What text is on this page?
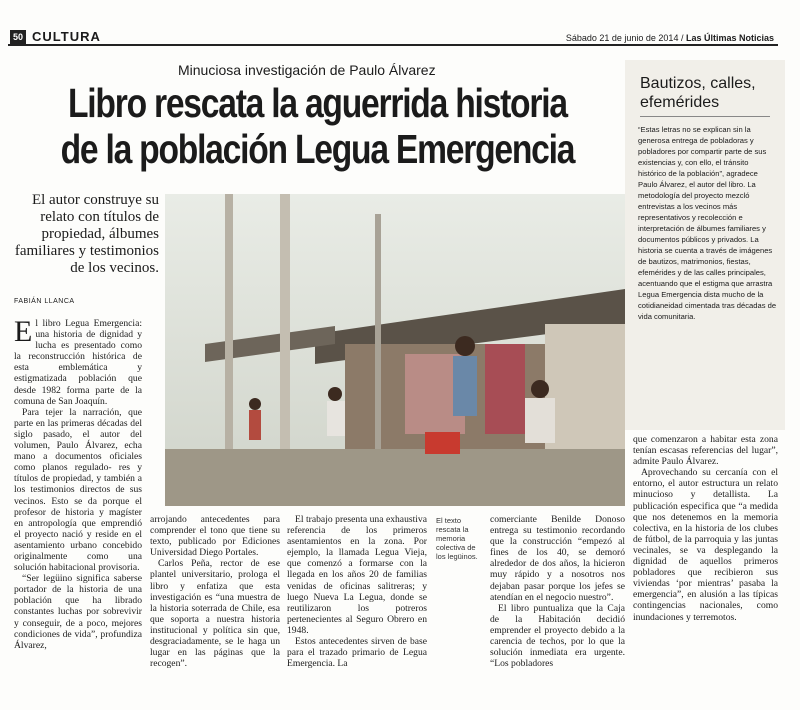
50 CULTURA	Sábado 21 de junio de 2014 / Las Últimas Noticias
Minuciosa investigación de Paulo Álvarez
Libro rescata la aguerrida historia
de la población Legua Emergencia
El autor construye su relato con títulos de propiedad, álbumes familiares y testimonios de los vecinos.
FABIÁN LLANCA
El texto rescata la memoria colectiva de los legüinos.
Bautizos, calles, efemérides
“Estas letras no se explican sin la generosa entrega de pobladoras y pobladores por compartir parte de sus existencias y, con ello, el tránsito histórico de la población”, agradece Paulo Álvarez, el autor del libro. La metodología del proyecto mezcló entrevistas a los vecinos más representativos y recolección e interpretación de álbumes familiares y documentos públicos y privados. La historia se cuenta a través de imágenes de bautizos, matrimonios, fiestas, efemérides y de las calles principales, acentuando que el estigma que arrastra Legua Emergencia dista mucho de la cotidianeidad cimentada tras décadas de vida comunitaria.

El libro Legua Emergencia: una historia de dignidad y lucha es presentado como la reconstrucción histórica de esta emblemática y estigmatizada población que desde 1982 forma parte de la comuna de San Joaquín.

Para tejer la narración, que parte en las primeras décadas del siglo pasado, el autor del volumen, Paulo Álvarez, echa mano a documentos oficiales como planos regulado- res y títulos de propiedad, y también a los testimonios directos de sus vecinos. Esto se da porque el profesor de historia y magíster en antropología que emprendió el proyecto nació y reside en el asentamiento urbano concebido originalmente como una solución habitacional provisoria.

“Ser legüino significa saberse portador de la historia de una población que ha librado constantes luchas por sobrevivir y conseguir, de a poco, mejores condiciones de vida”, profundiza Álvarez,

arrojando antecedentes para comprender el tono que tiene su texto, publicado por Ediciones Universidad Diego Portales.

Carlos Peña, rector de ese plantel universitario, prologa el libro y enfatiza que esta investigación es “una muestra de la historia soterrada de Chile, esa que soporta a nuestra historia institucional y política sin que, desgraciadamente, se le haga un lugar en las páginas que la recogen”.

El trabajo presenta una exhaustiva referencia de los primeros asentamientos en la zona. Por ejemplo, la llamada Legua Vieja, que comenzó a formarse con la llegada en los años 20 de familias venidas de oficinas salitreras; y luego Nueva La Legua, donde se reutilizaron los potreros pertenecientes al Seguro Obrero en 1948.

Estos antecedentes sirven de base para el trazado primario de Legua Emergencia. La

comerciante Benilde Donoso entrega su testimonio recordando que la construcción “empezó al fines de los 40, se demoró alrededor de dos años, la hicieron muy rápido y a nosotros nos dejaban pasar porque los jefes se atendían en el negocio nuestro”.

El libro puntualiza que la Caja de la Habitación decidió emprender el proyecto debido a la carencia de techos, por lo que la solución inmediata era urgente. “Los pobladores

que comenzaron a habitar esta zona tenían escasas referencias del lugar”, admite Paulo Álvarez.

Aprovechando su cercanía con el entorno, el autor estructura un relato minucioso y detallista. La publicación especifica que “a medida que nos detenemos en la memoria colectiva, en la historia de los clubes de fútbol, de la parroquia y las juntas vecinales, se va desplegando la dignidad de aquellos primeros pobladores que recibieron sus viviendas ‘por mientras’ pasaba la emergencia”, en alusión a las típicas contingencias nacionales, como inundaciones y terremotos.
